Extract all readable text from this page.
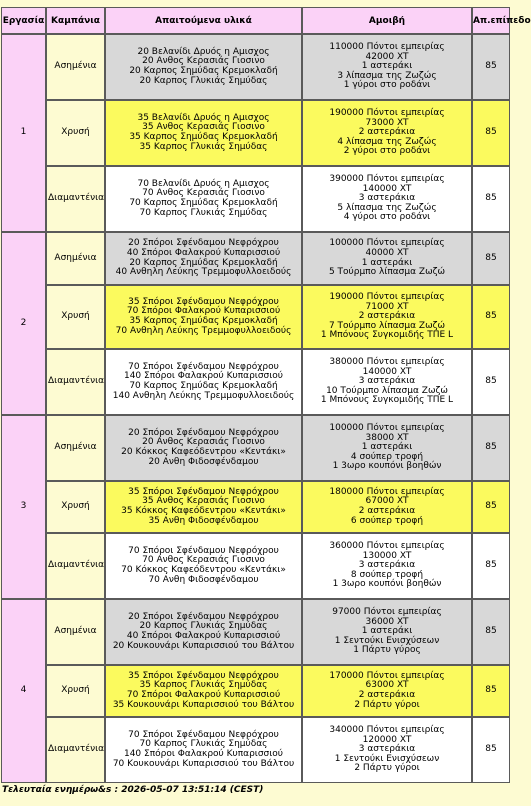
Εργασία	Καμπάνια	Απαιτούμενα υλικά	Αμοιβή	Απ.επίπεδο
1	Ασημένια	20 Βελανίδι Δρυός η Αμισχος
20 Ανθος Κερασιάς Γιοσινο
20 Καρπος Σημύδας Κρεμοκλαδή
20 Καρπος Γλυκιάς Σημύδας	110000 Πόντοι εμπειρίας
42000 XT
1 αστεράκι
3 λίπασμα της Ζωζώς
1 γύροι στο ροδάνι	85
	Χρυσή	35 Βελανίδι Δρυός η Αμισχος
35 Ανθος Κερασιάς Γιοσινο
35 Καρπος Σημύδας Κρεμοκλαδή
35 Καρπος Γλυκιάς Σημύδας	190000 Πόντοι εμπειρίας
73000 XT
2 αστεράκια
4 λίπασμα της Ζωζώς
2 γύροι στο ροδάνι	85
	Διαμαντένια	70 Βελανίδι Δρυός η Αμισχος
70 Ανθος Κερασιάς Γιοσινο
70 Καρπος Σημύδας Κρεμοκλαδή
70 Καρπος Γλυκιάς Σημύδας	390000 Πόντοι εμπειρίας
140000 XT
3 αστεράκια
5 λίπασμα της Ζωζώς
4 γύροι στο ροδάνι	85
2	Ασημένια	20 Σπόροι Σφένδαμου Νεφρόχρου
40 Σπόροι Φαλακρού Κυπαρισσιού
20 Καρπος Σημύδας Κρεμοκλαδή
40 Ανθηλη Λεύκης Τρεμμοφυλλοειδούς	100000 Πόντοι εμπειρίας
40000 XT
1 αστεράκι
5 Τούρμπο λίπασμα Ζωζώ	85
	Χρυσή	35 Σπόροι Σφένδαμου Νεφρόχρου
70 Σπόροι Φαλακρού Κυπαρισσιού
35 Καρπος Σημύδας Κρεμοκλαδή
70 Ανθηλη Λεύκης Τρεμμοφυλλοειδούς	190000 Πόντοι εμπειρίας
71000 XT
2 αστεράκια
7 Τούρμπο λίπασμα Ζωζώ
1 Μπόνους Συγκομιδής ΤΠΕ L	85
	Διαμαντένια	70 Σπόροι Σφένδαμου Νεφρόχρου
140 Σπόροι Φαλακρού Κυπαρισσιού
70 Καρπος Σημύδας Κρεμοκλαδή
140 Ανθηλη Λεύκης Τρεμμοφυλλοειδούς	380000 Πόντοι εμπειρίας
140000 XT
3 αστεράκια
10 Τούρμπο λίπασμα Ζωζώ
1 Μπόνους Συγκομιδής ΤΠΕ L	85
3	Ασημένια	20 Σπόροι Σφένδαμου Νεφρόχρου
20 Ανθος Κερασιάς Γιοσινο
20 Κόκκος Καφεόδεντρου «Κεντάκι»
20 Ανθη Φιδοσφένδαμου	100000 Πόντοι εμπειρίας
38000 XT
1 αστεράκι
4 σούπερ τροφή
1 3ωρο κουπόνι βοηθών	85
	Χρυσή	35 Σπόροι Σφένδαμου Νεφρόχρου
35 Ανθος Κερασιάς Γιοσινο
35 Κόκκος Καφεόδεντρου «Κεντάκι»
35 Ανθη Φιδοσφένδαμου	180000 Πόντοι εμπειρίας
67000 XT
2 αστεράκια
6 σούπερ τροφή	85
	Διαμαντένια	70 Σπόροι Σφένδαμου Νεφρόχρου
70 Ανθος Κερασιάς Γιοσινο
70 Κόκκος Καφεόδεντρου «Κεντάκι»
70 Ανθη Φιδοσφένδαμου	360000 Πόντοι εμπειρίας
130000 XT
3 αστεράκια
8 σούπερ τροφή
1 3ωρο κουπόνι βοηθών	85
4	Ασημένια	20 Σπόροι Σφένδαμου Νεφρόχρου
20 Καρπος Γλυκιάς Σημύδας
40 Σπόροι Φαλακρού Κυπαρισσιού
20 Κουκουνάρι Κυπαρισσιού του Βάλτου	97000 Πόντοι εμπειρίας
36000 XT
1 αστεράκι
1 Σεντούκι Ενισχύσεων
1 Πάρτυ γύρος	85
	Χρυσή	35 Σπόροι Σφένδαμου Νεφρόχρου
35 Καρπος Γλυκιάς Σημύδας
70 Σπόροι Φαλακρού Κυπαρισσιού
35 Κουκουνάρι Κυπαρισσιού του Βάλτου	170000 Πόντοι εμπειρίας
63000 XT
2 αστεράκια
2 Πάρτυ γύροι	85
	Διαμαντένια	70 Σπόροι Σφένδαμου Νεφρόχρου
70 Καρπος Γλυκιάς Σημύδας
140 Σπόροι Φαλακρού Κυπαρισσιού
70 Κουκουνάρι Κυπαρισσιού του Βάλτου	340000 Πόντοι εμπειρίας
120000 XT
3 αστεράκια
1 Σεντούκι Ενισχύσεων
2 Πάρτυ γύροι	85
Τελευταία ενημέρω&s : 2026-05-07 13:51:14 (CEST)
